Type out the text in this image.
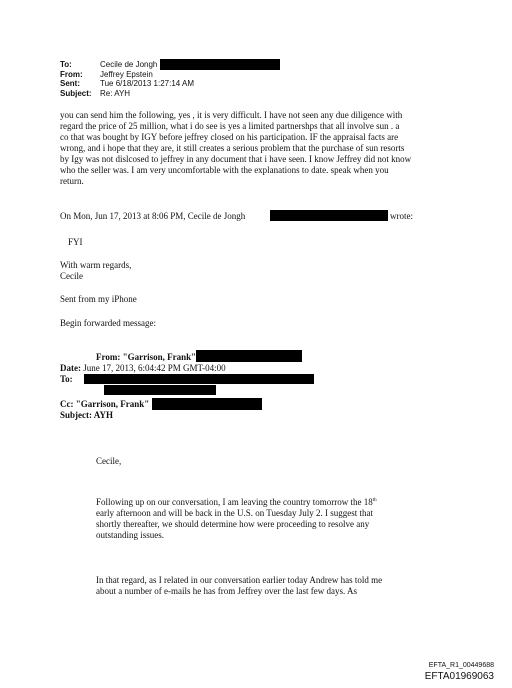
To:	Cecile de Jongh
From: Jeffrey Epstein
Sent:	Tue 6/18/2013 1:27:14 AM
Subject: Re: AYH
you can send him the following, yes , it is very difficult. I have not seen any due diligence with
regard the price of 25 million, what i do see is yes a limited partnershps that all involve sun . a
co that was bought by IGY before jeffrey closed on his participation. IF the appraisal facts are
wrong, and i hope that they are, it still creates a serious problem that the purchase of sun resorts
by Igy was not dislcosed to jeffrey in any document that i have seen. I know Jeffrey did not know
who the seller was. I am very uncomfortable with the explanations to date. speak when you
return.
On Mon, Jun 17, 2013 at 8:06 PM, Cecile de Jongh	wrote:
FYI
With warm regards,
Cecile
Sent from my iPhone
Begin forwarded message:
From: "Garrison, Frank"
Date: June 17, 2013, 6:04:42 PM GMT-04:00
To:
Cc: "Garrison, Frank"
Subject: AYH
Cecile,
Following up on our conversation, I am leaving the country tomorrow the 18th
early afternoon and will be back in the U.S. on Tuesday July 2. I suggest that
shortly thereafter, we should determine how were proceeding to resolve any
outstanding issues.
In that regard, as I related in our conversation earlier today Andrew has told me
about a number of e-mails he has from Jeffrey over the last few days. As
EFTA_R1_00449688
EFTA01969063
